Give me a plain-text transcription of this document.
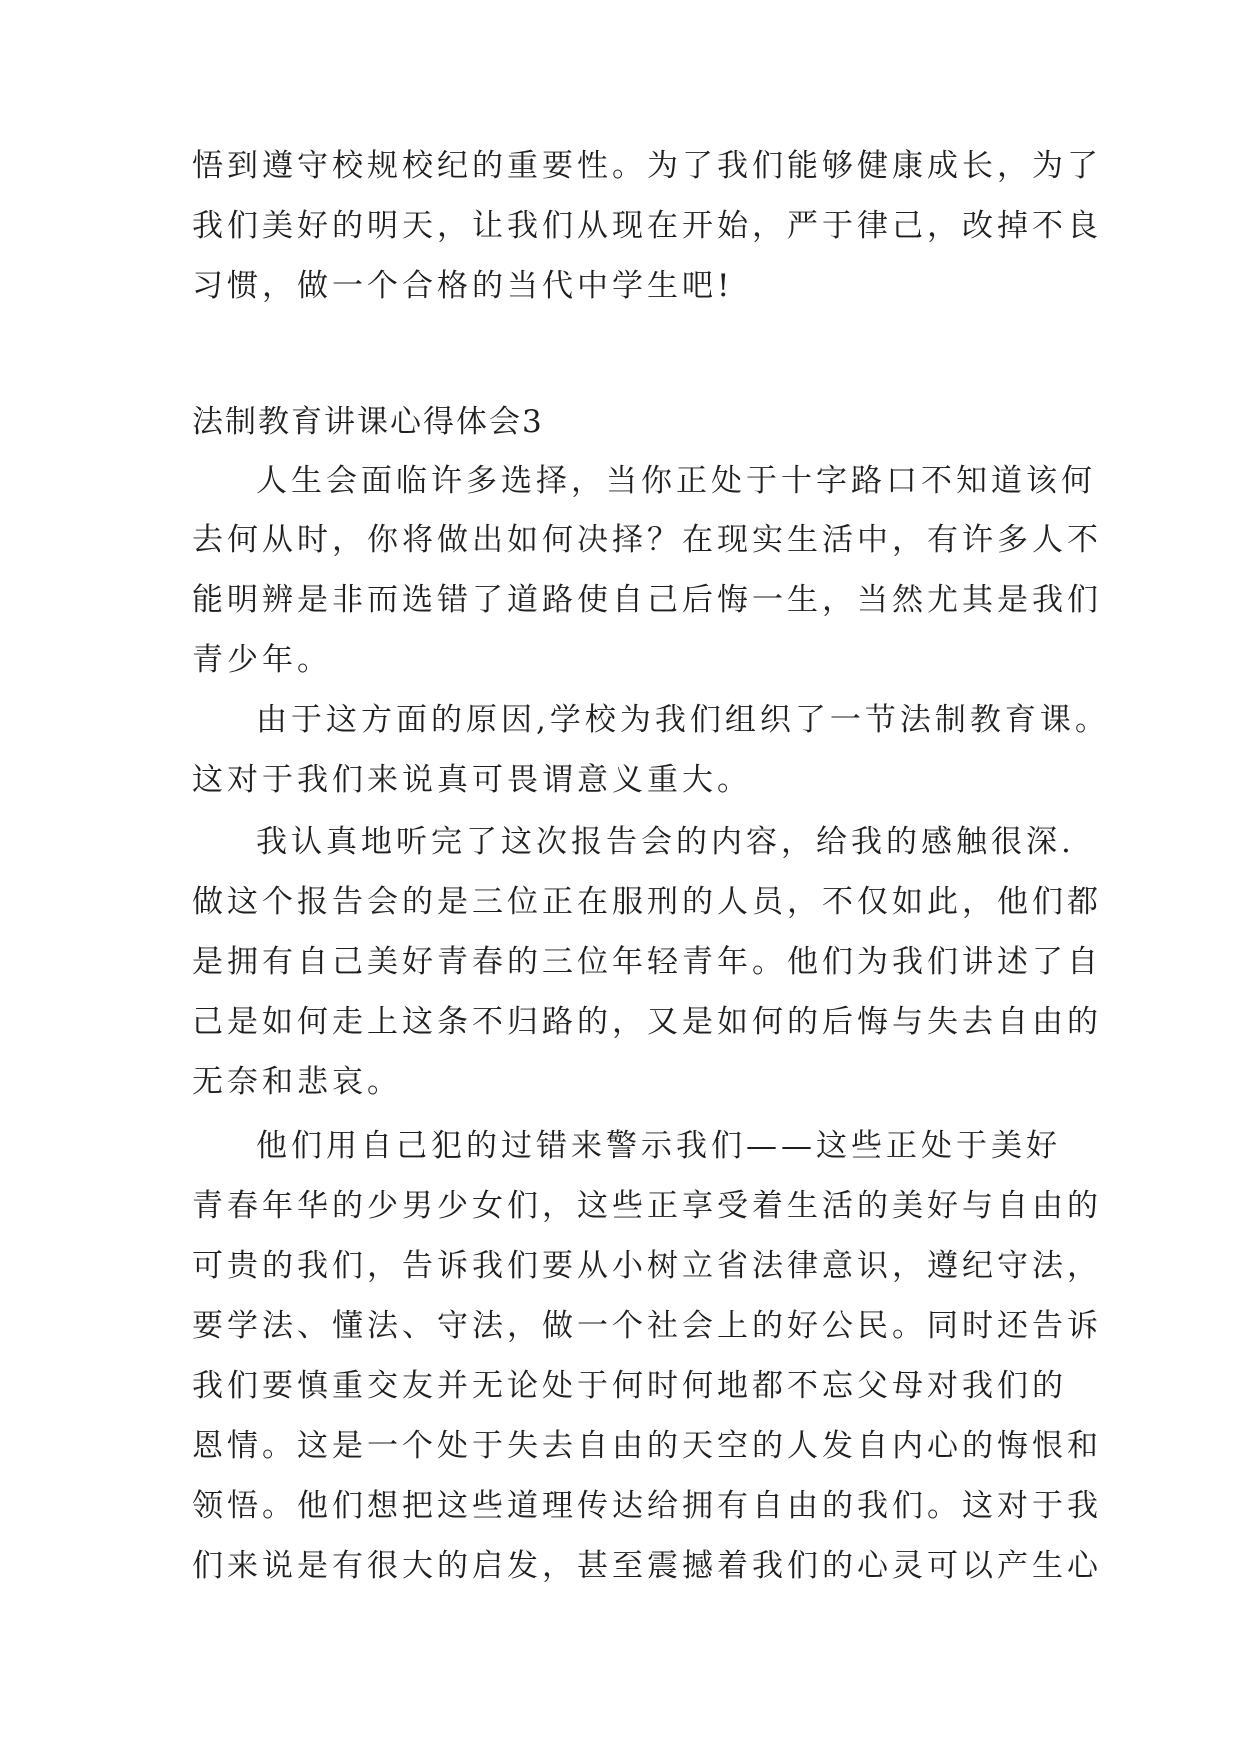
悟到遵守校规校纪的重要性。为了我们能够健康成长，为了

我们美好的明天，让我们从现在开始，严于律己，改掉不良

习惯，做一个合格的当代中学生吧!

法制教育讲课心得体会3

人生会面临许多选择，当你正处于十字路口不知道该何

去何从时，你将做出如何决择？在现实生活中，有许多人不

能明辨是非而选错了道路使自己后悔一生，当然尤其是我们

青少年。

由于这方面的原因,学校为我们组织了一节法制教育课。

这对于我们来说真可畏谓意义重大。

我认真地听完了这次报告会的内容，给我的感触很深.

做这个报告会的是三位正在服刑的人员，不仅如此，他们都

是拥有自己美好青春的三位年轻青年。他们为我们讲述了自

己是如何走上这条不归路的，又是如何的后悔与失去自由的

无奈和悲哀。

他们用自己犯的过错来警示我们——这些正处于美好

青春年华的少男少女们，这些正享受着生活的美好与自由的

可贵的我们，告诉我们要从小树立省法律意识，遵纪守法，

要学法、懂法、守法，做一个社会上的好公民。同时还告诉

我们要慎重交友并无论处于何时何地都不忘父母对我们的

恩情。这是一个处于失去自由的天空的人发自内心的悔恨和

领悟。他们想把这些道理传达给拥有自由的我们。这对于我

们来说是有很大的启发，甚至震撼着我们的心灵可以产生心
